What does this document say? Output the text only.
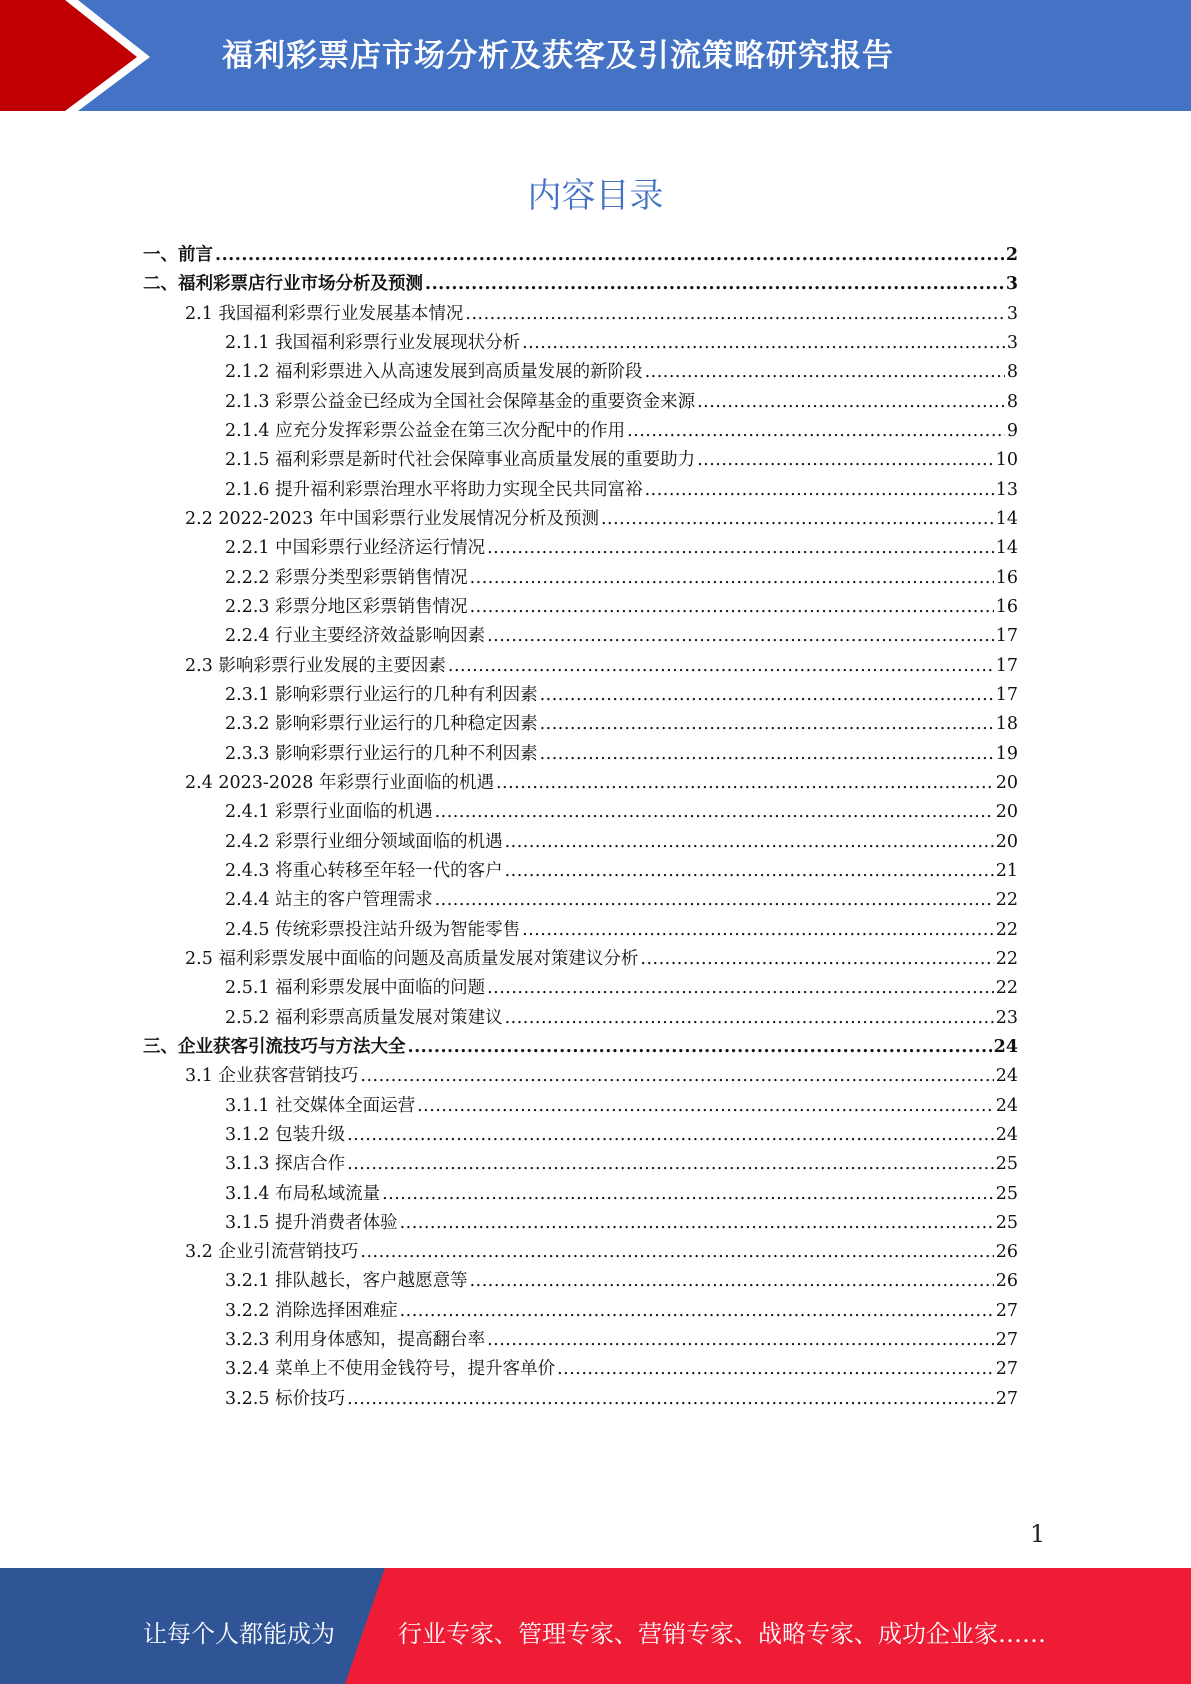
福利彩票店市场分析及获客及引流策略研究报告
内容目录
一、前言 .....	2
二、福利彩票店行业市场分析及预测 .....	3
2.1 我国福利彩票行业发展基本情况 .....	3
2.1.1 我国福利彩票行业发展现状分析 .....	3
2.1.2 福利彩票进入从高速发展到高质量发展的新阶段 .....	8
2.1.3 彩票公益金已经成为全国社会保障基金的重要资金来源 .....	8
2.1.4 应充分发挥彩票公益金在第三次分配中的作用 .....	9
2.1.5 福利彩票是新时代社会保障事业高质量发展的重要助力 .....	10
2.1.6 提升福利彩票治理水平将助力实现全民共同富裕 .....	13
2.2 2022-2023 年中国彩票行业发展情况分析及预测 .....	14
2.2.1 中国彩票行业经济运行情况 .....	14
2.2.2 彩票分类型彩票销售情况 .....	16
2.2.3 彩票分地区彩票销售情况 .....	16
2.2.4 行业主要经济效益影响因素 .....	17
2.3 影响彩票行业发展的主要因素 .....	17
2.3.1 影响彩票行业运行的几种有利因素 .....	17
2.3.2 影响彩票行业运行的几种稳定因素 .....	18
2.3.3 影响彩票行业运行的几种不利因素 .....	19
2.4 2023-2028 年彩票行业面临的机遇 .....	20
2.4.1 彩票行业面临的机遇 .....	20
2.4.2 彩票行业细分领域面临的机遇 .....	20
2.4.3 将重心转移至年轻一代的客户 .....	21
2.4.4 站主的客户管理需求 .....	22
2.4.5 传统彩票投注站升级为智能零售 .....	22
2.5 福利彩票发展中面临的问题及高质量发展对策建议分析 .....	22
2.5.1 福利彩票发展中面临的问题 .....	22
2.5.2 福利彩票高质量发展对策建议 .....	23
三、企业获客引流技巧与方法大全 .....	24
3.1 企业获客营销技巧 .....	24
3.1.1 社交媒体全面运营 .....	24
3.1.2 包装升级 .....	24
3.1.3 探店合作 .....	25
3.1.4 布局私域流量 .....	25
3.1.5 提升消费者体验 .....	25
3.2 企业引流营销技巧 .....	26
3.2.1 排队越长，客户越愿意等 .....	26
3.2.2 消除选择困难症 .....	27
3.2.3 利用身体感知，提高翻台率 .....	27
3.2.4 菜单上不使用金钱符号，提升客单价 .....	27
3.2.5 标价技巧 .....	27
1
让每个人都能成为	行业专家、管理专家、营销专家、战略专家、成功企业家……
